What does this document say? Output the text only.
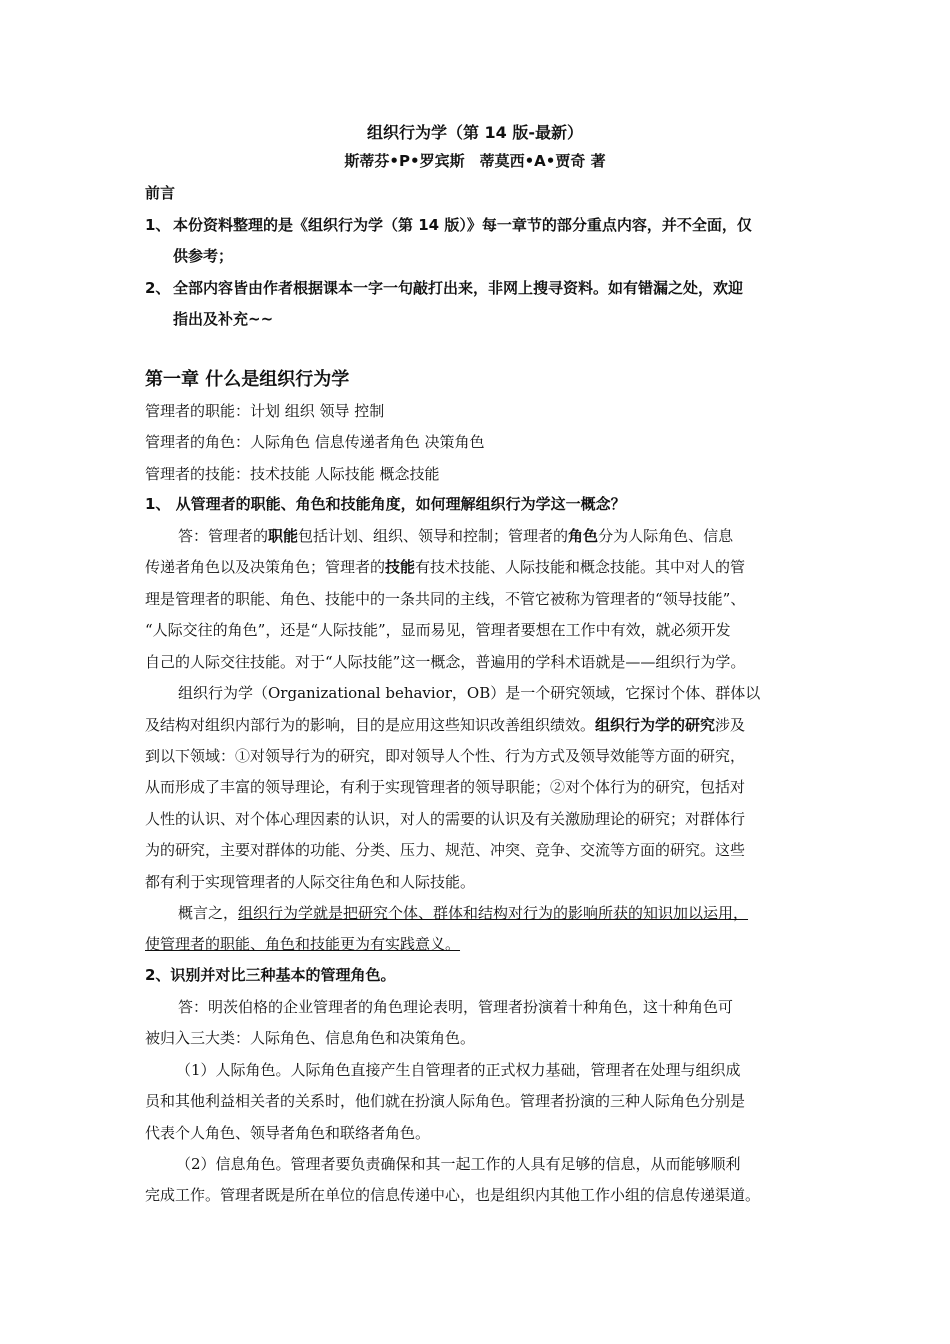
组织行为学（第 14 版-最新）
斯蒂芬•P•罗宾斯　蒂莫西•A•贾奇 著
前言
1、 本份资料整理的是《组织行为学（第 14 版）》每一章节的部分重点内容，并不全面，仅
供参考；
2、 全部内容皆由作者根据课本一字一句敲打出来，非网上搜寻资料。如有错漏之处，欢迎
指出及补充~~
第一章 什么是组织行为学
管理者的职能：计划 组织 领导 控制
管理者的角色：人际角色 信息传递者角色 决策角色
管理者的技能：技术技能 人际技能 概念技能
1、 从管理者的职能、角色和技能角度，如何理解组织行为学这一概念？
答：管理者的职能包括计划、组织、领导和控制；管理者的角色分为人际角色、信息
传递者角色以及决策角色；管理者的技能有技术技能、人际技能和概念技能。其中对人的管
理是管理者的职能、角色、技能中的一条共同的主线，不管它被称为管理者的“领导技能”、
“人际交往的角色”，还是“人际技能”，显而易见，管理者要想在工作中有效，就必须开发
自己的人际交往技能。对于“人际技能”这一概念，普遍用的学科术语就是——组织行为学。
组织行为学（Organizational behavior，OB）是一个研究领域，它探讨个体、群体以
及结构对组织内部行为的影响，目的是应用这些知识改善组织绩效。组织行为学的研究涉及
到以下领域：①对领导行为的研究，即对领导人个性、行为方式及领导效能等方面的研究，
从而形成了丰富的领导理论，有利于实现管理者的领导职能；②对个体行为的研究，包括对
人性的认识、对个体心理因素的认识，对人的需要的认识及有关激励理论的研究；对群体行
为的研究，主要对群体的功能、分类、压力、规范、冲突、竞争、交流等方面的研究。这些
都有利于实现管理者的人际交往角色和人际技能。
概言之，组织行为学就是把研究个体、群体和结构对行为的影响所获的知识加以运用，
使管理者的职能、角色和技能更为有实践意义。
2、识别并对比三种基本的管理角色。
答：明茨伯格的企业管理者的角色理论表明，管理者扮演着十种角色，这十种角色可
被归入三大类：人际角色、信息角色和决策角色。
（1）人际角色。人际角色直接产生自管理者的正式权力基础，管理者在处理与组织成
员和其他利益相关者的关系时，他们就在扮演人际角色。管理者扮演的三种人际角色分别是
代表个人角色、领导者角色和联络者角色。
（2）信息角色。管理者要负责确保和其一起工作的人具有足够的信息，从而能够顺利
完成工作。管理者既是所在单位的信息传递中心，也是组织内其他工作小组的信息传递渠道。
